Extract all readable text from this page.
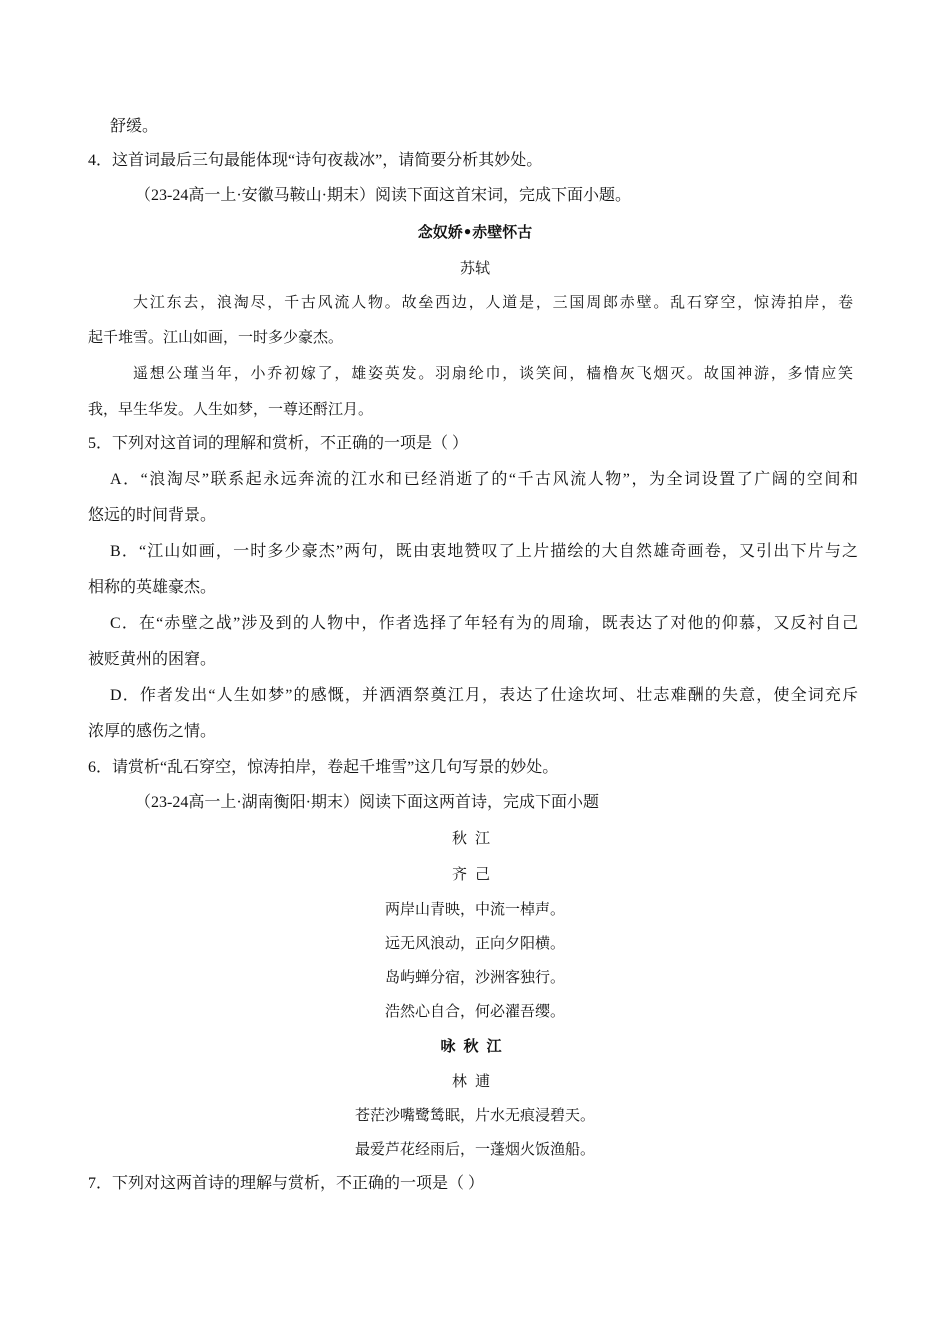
舒缓。
4．这首词最后三句最能体现“诗句夜裁冰”，请简要分析其妙处。
（23-24高一上·安徽马鞍山·期末）阅读下面这首宋词，完成下面小题。
念奴娇•赤壁怀古
苏轼
大江东去，浪淘尽，千古风流人物。故垒西边，人道是，三国周郎赤壁。乱石穿空，惊涛拍岸，卷
起千堆雪。江山如画，一时多少豪杰。
遥想公瑾当年，小乔初嫁了，雄姿英发。羽扇纶巾，谈笑间，樯橹灰飞烟灭。故国神游，多情应笑
我，早生华发。人生如梦，一尊还酹江月。
5．下列对这首词的理解和赏析，不正确的一项是（ ）
A．“浪淘尽”联系起永远奔流的江水和已经消逝了的“千古风流人物”，为全词设置了广阔的空间和
悠远的时间背景。
B．“江山如画，一时多少豪杰”两句，既由衷地赞叹了上片描绘的大自然雄奇画卷，又引出下片与之
相称的英雄豪杰。
C．在“赤壁之战”涉及到的人物中，作者选择了年轻有为的周瑜，既表达了对他的仰慕，又反衬自己
被贬黄州的困窘。
D．作者发出“人生如梦”的感慨，并洒酒祭奠江月，表达了仕途坎坷、壮志难酬的失意，使全词充斥
浓厚的感伤之情。
6．请赏析“乱石穿空，惊涛拍岸，卷起千堆雪”这几句写景的妙处。
（23-24高一上·湖南衡阳·期末）阅读下面这两首诗，完成下面小题
秋江
齐己
两岸山青映，中流一棹声。
远无风浪动，正向夕阳横。
岛屿蝉分宿，沙洲客独行。
浩然心自合，何必濯吾缨。
咏秋江
林逋
苍茫沙嘴鹭鸶眠，片水无痕浸碧天。
最爱芦花经雨后，一蓬烟火饭渔船。
7．下列对这两首诗的理解与赏析，不正确的一项是（ ）
